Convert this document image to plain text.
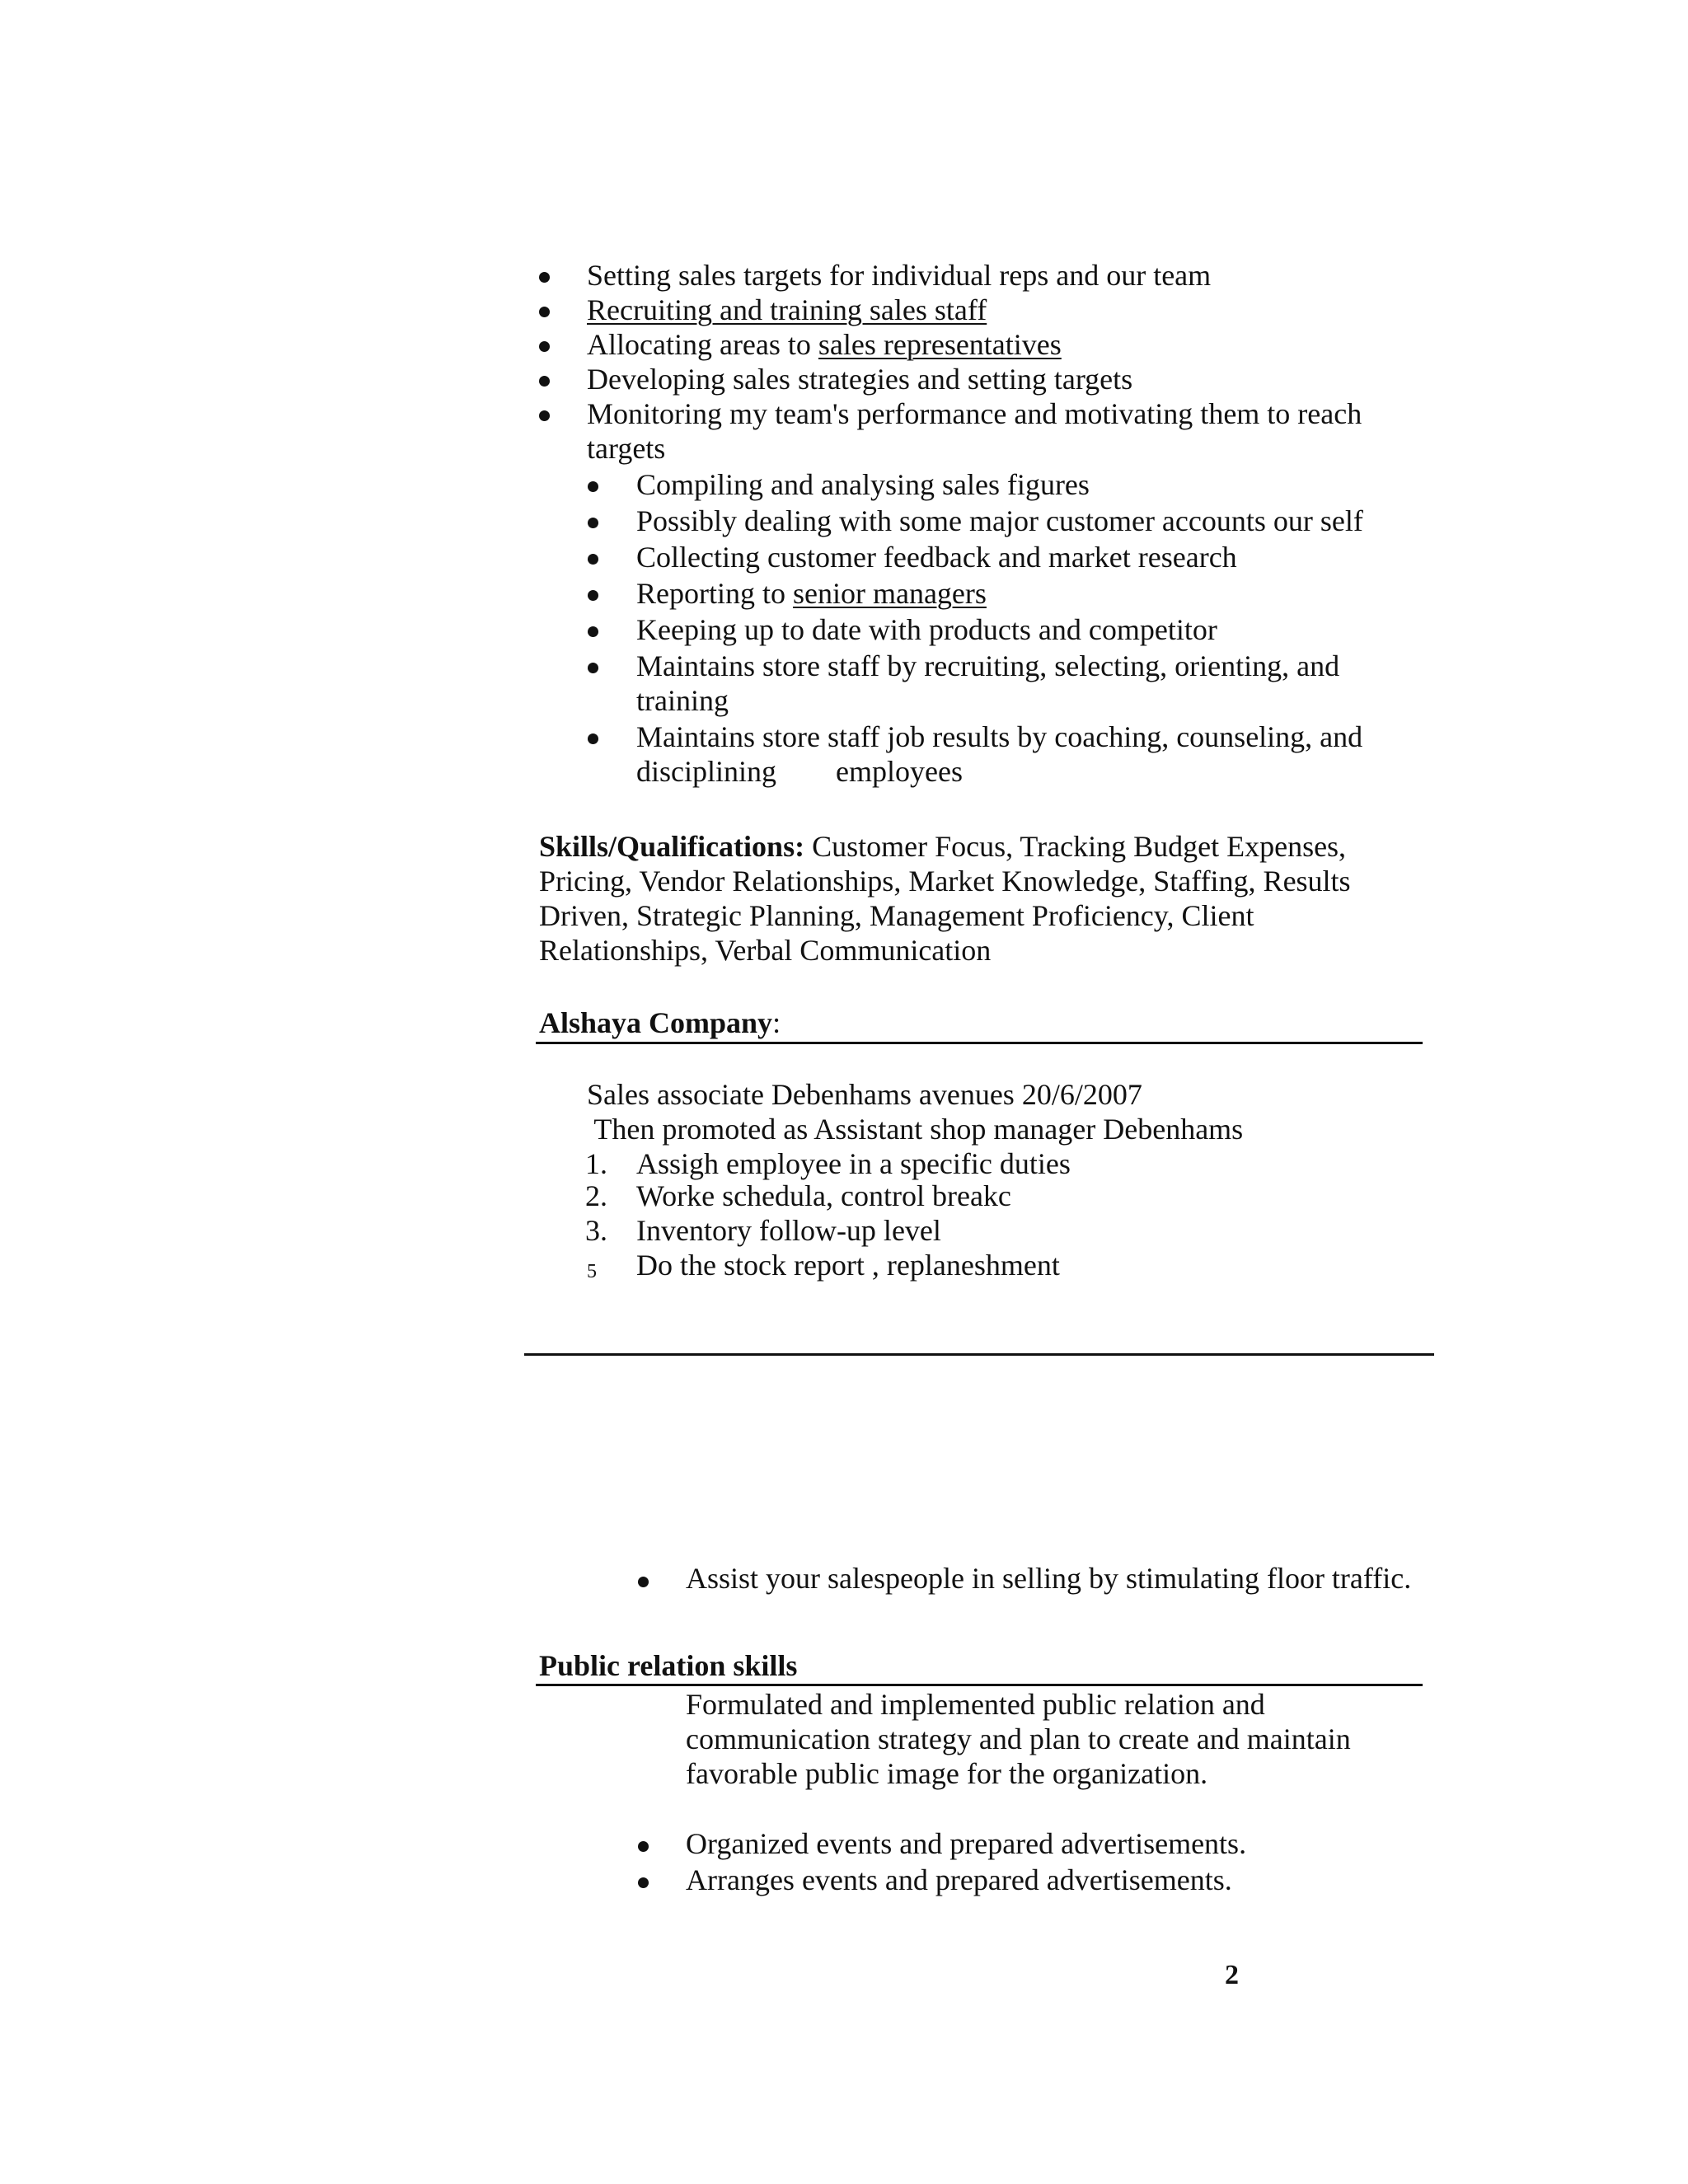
Setting sales targets for individual reps and our team
Recruiting and training sales staff
Allocating areas to sales representatives
Developing sales strategies and setting targets
Monitoring my team's performance and motivating them to reach
targets
Compiling and analysing sales figures
Possibly dealing with some major customer accounts our self
Collecting customer feedback and market research
Reporting to senior managers
Keeping up to date with products and competitor
Maintains store staff by recruiting, selecting, orienting, and
training
Maintains store staff job results by coaching, counseling, and
disciplining        employees
Skills/Qualifications: Customer Focus, Tracking Budget Expenses,
Pricing, Vendor Relationships, Market Knowledge, Staffing, Results
Driven, Strategic Planning, Management Proficiency, Client
Relationships, Verbal Communication
Alshaya Company:
Sales associate Debenhams avenues 20/6/2007
Then promoted as Assistant shop manager Debenhams
1. Assigh employee in a specific duties
2. Worke schedula, control breakc
3. Inventory follow-up level
5 Do the stock report , replaneshment
Assist your salespeople in selling by stimulating floor traffic.
Public relation skills
Formulated and implemented public relation and
communication strategy and plan to create and maintain
favorable public image for the organization.
Organized events and prepared advertisements.
Arranges events and prepared advertisements.
2
